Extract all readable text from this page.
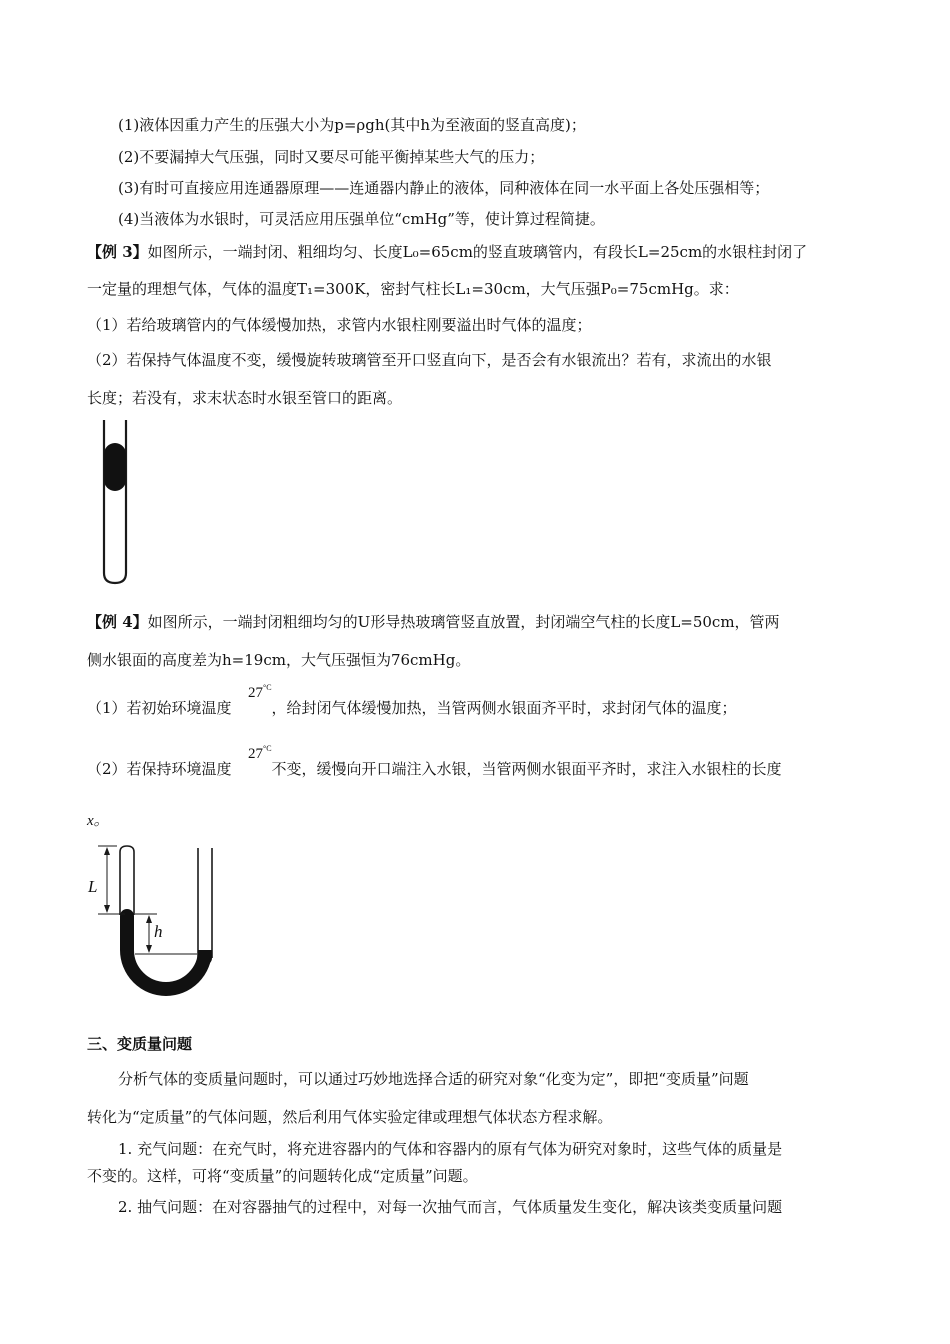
(1)液体因重力产生的压强大小为p=ρgh(其中h为至液面的竖直高度)；
(2)不要漏掉大气压强，同时又要尽可能平衡掉某些大气的压力；
(3)有时可直接应用连通器原理——连通器内静止的液体，同种液体在同一水平面上各处压强相等；
(4)当液体为水银时，可灵活应用压强单位“cmHg”等，使计算过程简捷。
【例 3】如图所示，一端封闭、粗细均匀、长度L₀=65cm的竖直玻璃管内，有段长L=25cm的水银柱封闭了
一定量的理想气体，气体的温度T₁=300K，密封气柱长L₁=30cm，大气压强P₀=75cmHg。求：
（1）若给玻璃管内的气体缓慢加热，求管内水银柱刚要溢出时气体的温度；
（2）若保持气体温度不变，缓慢旋转玻璃管至开口竖直向下，是否会有水银流出？若有，求流出的水银
长度；若没有，求末状态时水银至管口的距离。
【例 4】如图所示，一端封闭粗细均匀的U形导热玻璃管竖直放置，封闭端空气柱的长度L=50cm，管两
侧水银面的高度差为h=19cm，大气压强恒为76cmHg。
（1）若初始环境温度	，给封闭气体缓慢加热，当管两侧水银面齐平时，求封闭气体的温度；
$27^{^\circ C}$
（2）若保持环境温度	不变，缓慢向开口端注入水银，当管两侧水银面平齐时，求注入水银柱的长度
$27^{^\circ C}$
x。
L
h
三、变质量问题
分析气体的变质量问题时，可以通过巧妙地选择合适的研究对象“化变为定”，即把“变质量”问题
转化为“定质量”的气体问题，然后利用气体实验定律或理想气体状态方程求解。
1. 充气问题：在充气时，将充进容器内的气体和容器内的原有气体为研究对象时，这些气体的质量是
不变的。这样，可将“变质量”的问题转化成“定质量”问题。
2. 抽气问题：在对容器抽气的过程中，对每一次抽气而言，气体质量发生变化，解决该类变质量问题
